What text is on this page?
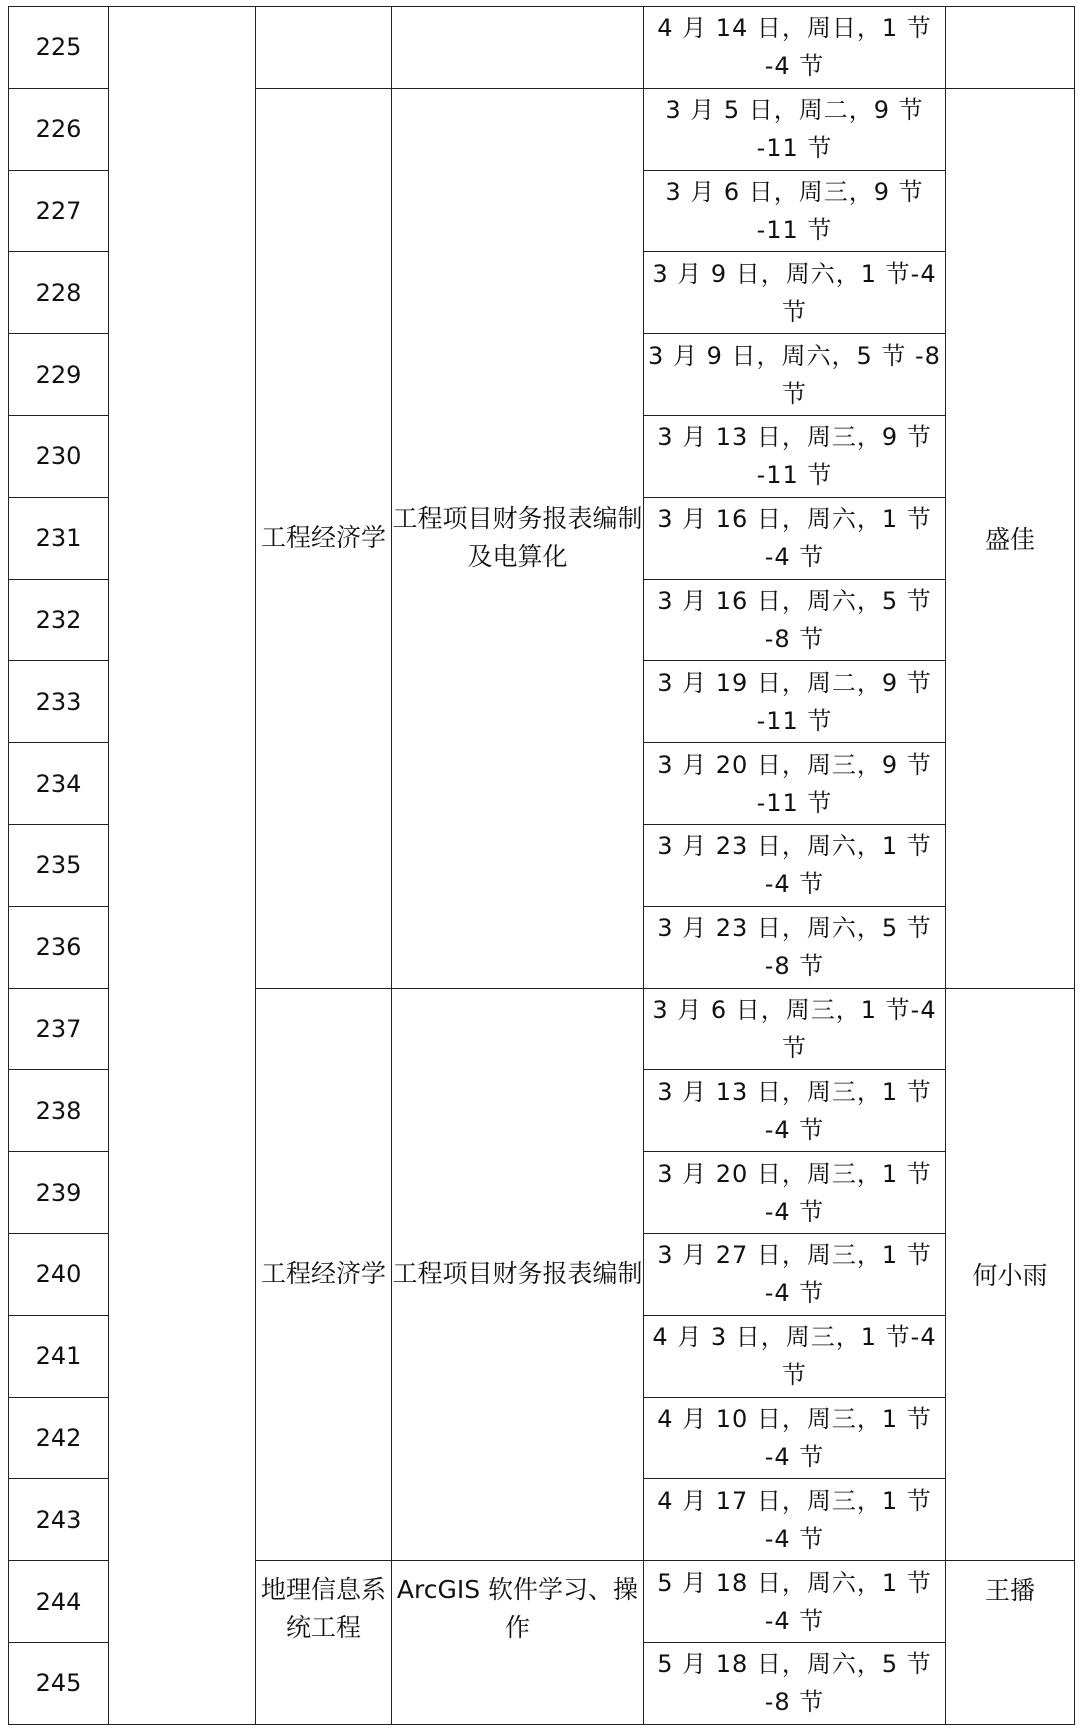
225				4 月 14 日，周日，1 节 -4 节	
226		工程经济学	工程项目财务报表编制及电算化	3 月 5 日，周二，9 节 -11 节	盛佳
227				3 月 6 日，周三，9 节 -11 节	
228				3 月 9 日，周六，1 节-4 节	
229				3 月 9 日，周六，5 节 -8 节	
230				3 月 13 日，周三，9 节 -11 节	
231				3 月 16 日，周六，1 节 -4 节	
232				3 月 16 日，周六，5 节 -8 节	
233				3 月 19 日，周二，9 节 -11 节	
234				3 月 20 日，周三，9 节 -11 节	
235				3 月 23 日，周六，1 节 -4 节	
236				3 月 23 日，周六，5 节 -8 节	
237		工程经济学	工程项目财务报表编制	3 月 6 日，周三，1 节-4 节	何小雨
238				3 月 13 日，周三，1 节 -4 节	
239				3 月 20 日，周三，1 节 -4 节	
240				3 月 27 日，周三，1 节 -4 节	
241				4 月 3 日，周三，1 节-4 节	
242				4 月 10 日，周三，1 节 -4 节	
243				4 月 17 日，周三，1 节 -4 节	
244		地理信息系统工程	ArcGIS 软件学习、操作	5 月 18 日，周六，1 节 -4 节	王播
245				5 月 18 日，周六，5 节 -8 节	
